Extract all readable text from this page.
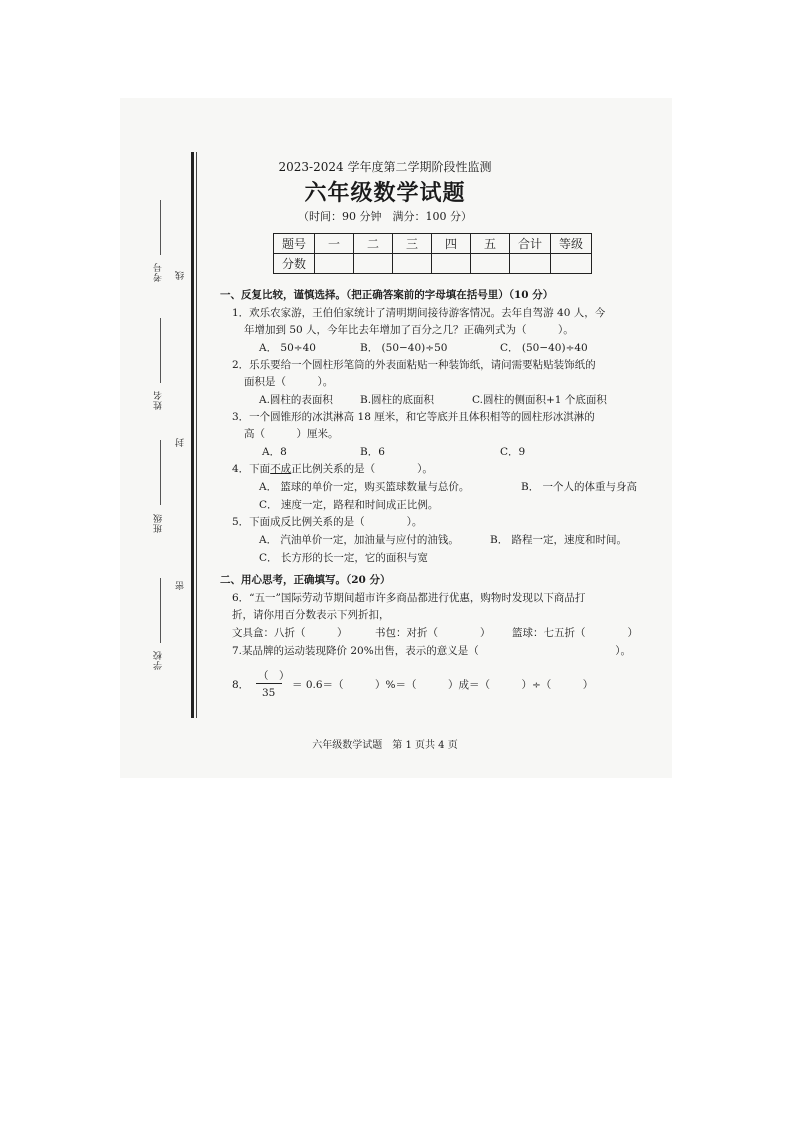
考号 线
姓名
封
班级
密
学校
2023-2024 学年度第二学期阶段性监测
六年级数学试题
（时间：90 分钟　满分：100 分）
题号	一	二	三	四	五	合计	等级
分数							
一、反复比较，谨慎选择。（把正确答案前的字母填在括号里）（10 分）
1．欢乐农家游，王伯伯家统计了清明期间接待游客情况。去年自驾游 40 人，今
年增加到 50 人，今年比去年增加了百分之几？正确列式为（　　　）。
A． 50÷40	B． (50−40)÷50	C． (50−40)÷40
2．乐乐要给一个圆柱形笔筒的外表面粘贴一种装饰纸，请问需要粘贴装饰纸的
面积是（　　　）。
A.圆柱的表面积	B.圆柱的底面积	C.圆柱的侧面积+1 个底面积
3．一个圆锥形的冰淇淋高 18 厘米，和它等底并且体积相等的圆柱形冰淇淋的
高（　　　）厘米。
A．8	B．6	C．9
4．下面不成正比例关系的是（　　　　）。
A． 篮球的单价一定，购买篮球数量与总价。	B． 一个人的体重与身高
C． 速度一定，路程和时间成正比例。
5．下面成反比例关系的是（　　　　）。
A． 汽油单价一定，加油量与应付的油钱。	B． 路程一定，速度和时间。
C． 长方形的长一定，它的面积与宽
二、用心思考，正确填写。（20 分）
6．“五一”国际劳动节期间超市许多商品都进行优惠，购物时发现以下商品打
折，请你用百分数表示下列折扣，
文具盒：八折（　　　）	书包：对折（　　　　） 篮球：七五折（　　　　）
7.某品牌的运动装现降价 20%出售，表示的意义是（　　　　　　　　　　　　　）。
8．
（　）
35
＝ 0.6＝（　　　）%＝（　　　）成＝（　　　）÷（　　　）
六年级数学试题　第 1 页共 4 页
